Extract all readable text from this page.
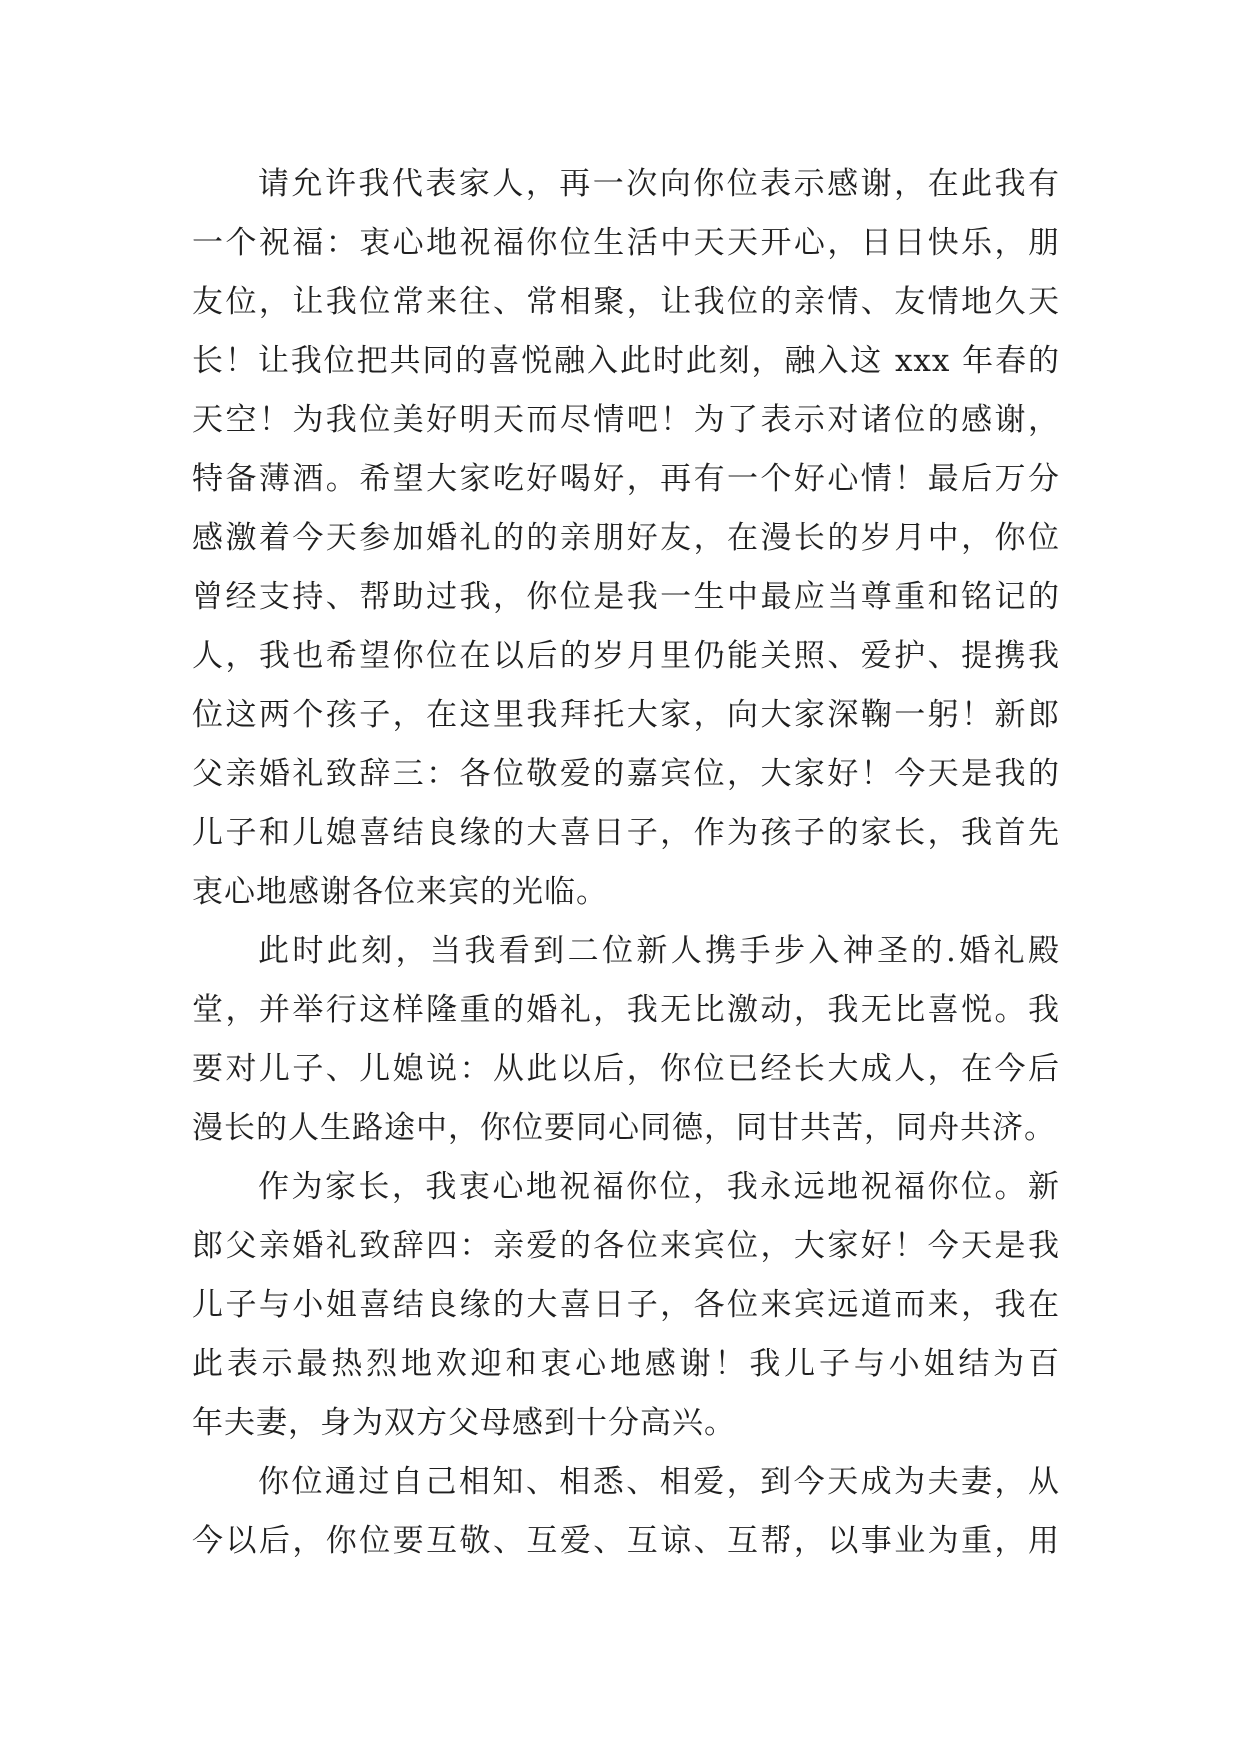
请允许我代表家人，再一次向你位表示感谢，在此我有
一个祝福：衷心地祝福你位生活中天天开心，日日快乐，朋
友位，让我位常来往、常相聚，让我位的亲情、友情地久天
长！让我位把共同的喜悦融入此时此刻，融入这 xxx 年春的
天空！为我位美好明天而尽情吧！为了表示对诸位的感谢，
特备薄酒。希望大家吃好喝好，再有一个好心情！最后万分
感激着今天参加婚礼的的亲朋好友，在漫长的岁月中，你位
曾经支持、帮助过我，你位是我一生中最应当尊重和铭记的
人，我也希望你位在以后的岁月里仍能关照、爱护、提携我
位这两个孩子，在这里我拜托大家，向大家深鞠一躬！新郎
父亲婚礼致辞三：各位敬爱的嘉宾位，大家好！今天是我的
儿子和儿媳喜结良缘的大喜日子，作为孩子的家长，我首先
衷心地感谢各位来宾的光临。
此时此刻，当我看到二位新人携手步入神圣的.婚礼殿
堂，并举行这样隆重的婚礼，我无比激动，我无比喜悦。我
要对儿子、儿媳说：从此以后，你位已经长大成人，在今后
漫长的人生路途中，你位要同心同德，同甘共苦，同舟共济。
作为家长，我衷心地祝福你位，我永远地祝福你位。新
郎父亲婚礼致辞四：亲爱的各位来宾位，大家好！今天是我
儿子与小姐喜结良缘的大喜日子，各位来宾远道而来，我在
此表示最热烈地欢迎和衷心地感谢！我儿子与小姐结为百
年夫妻，身为双方父母感到十分高兴。
你位通过自己相知、相悉、相爱，到今天成为夫妻，从
今以后，你位要互敬、互爱、互谅、互帮，以事业为重，用
